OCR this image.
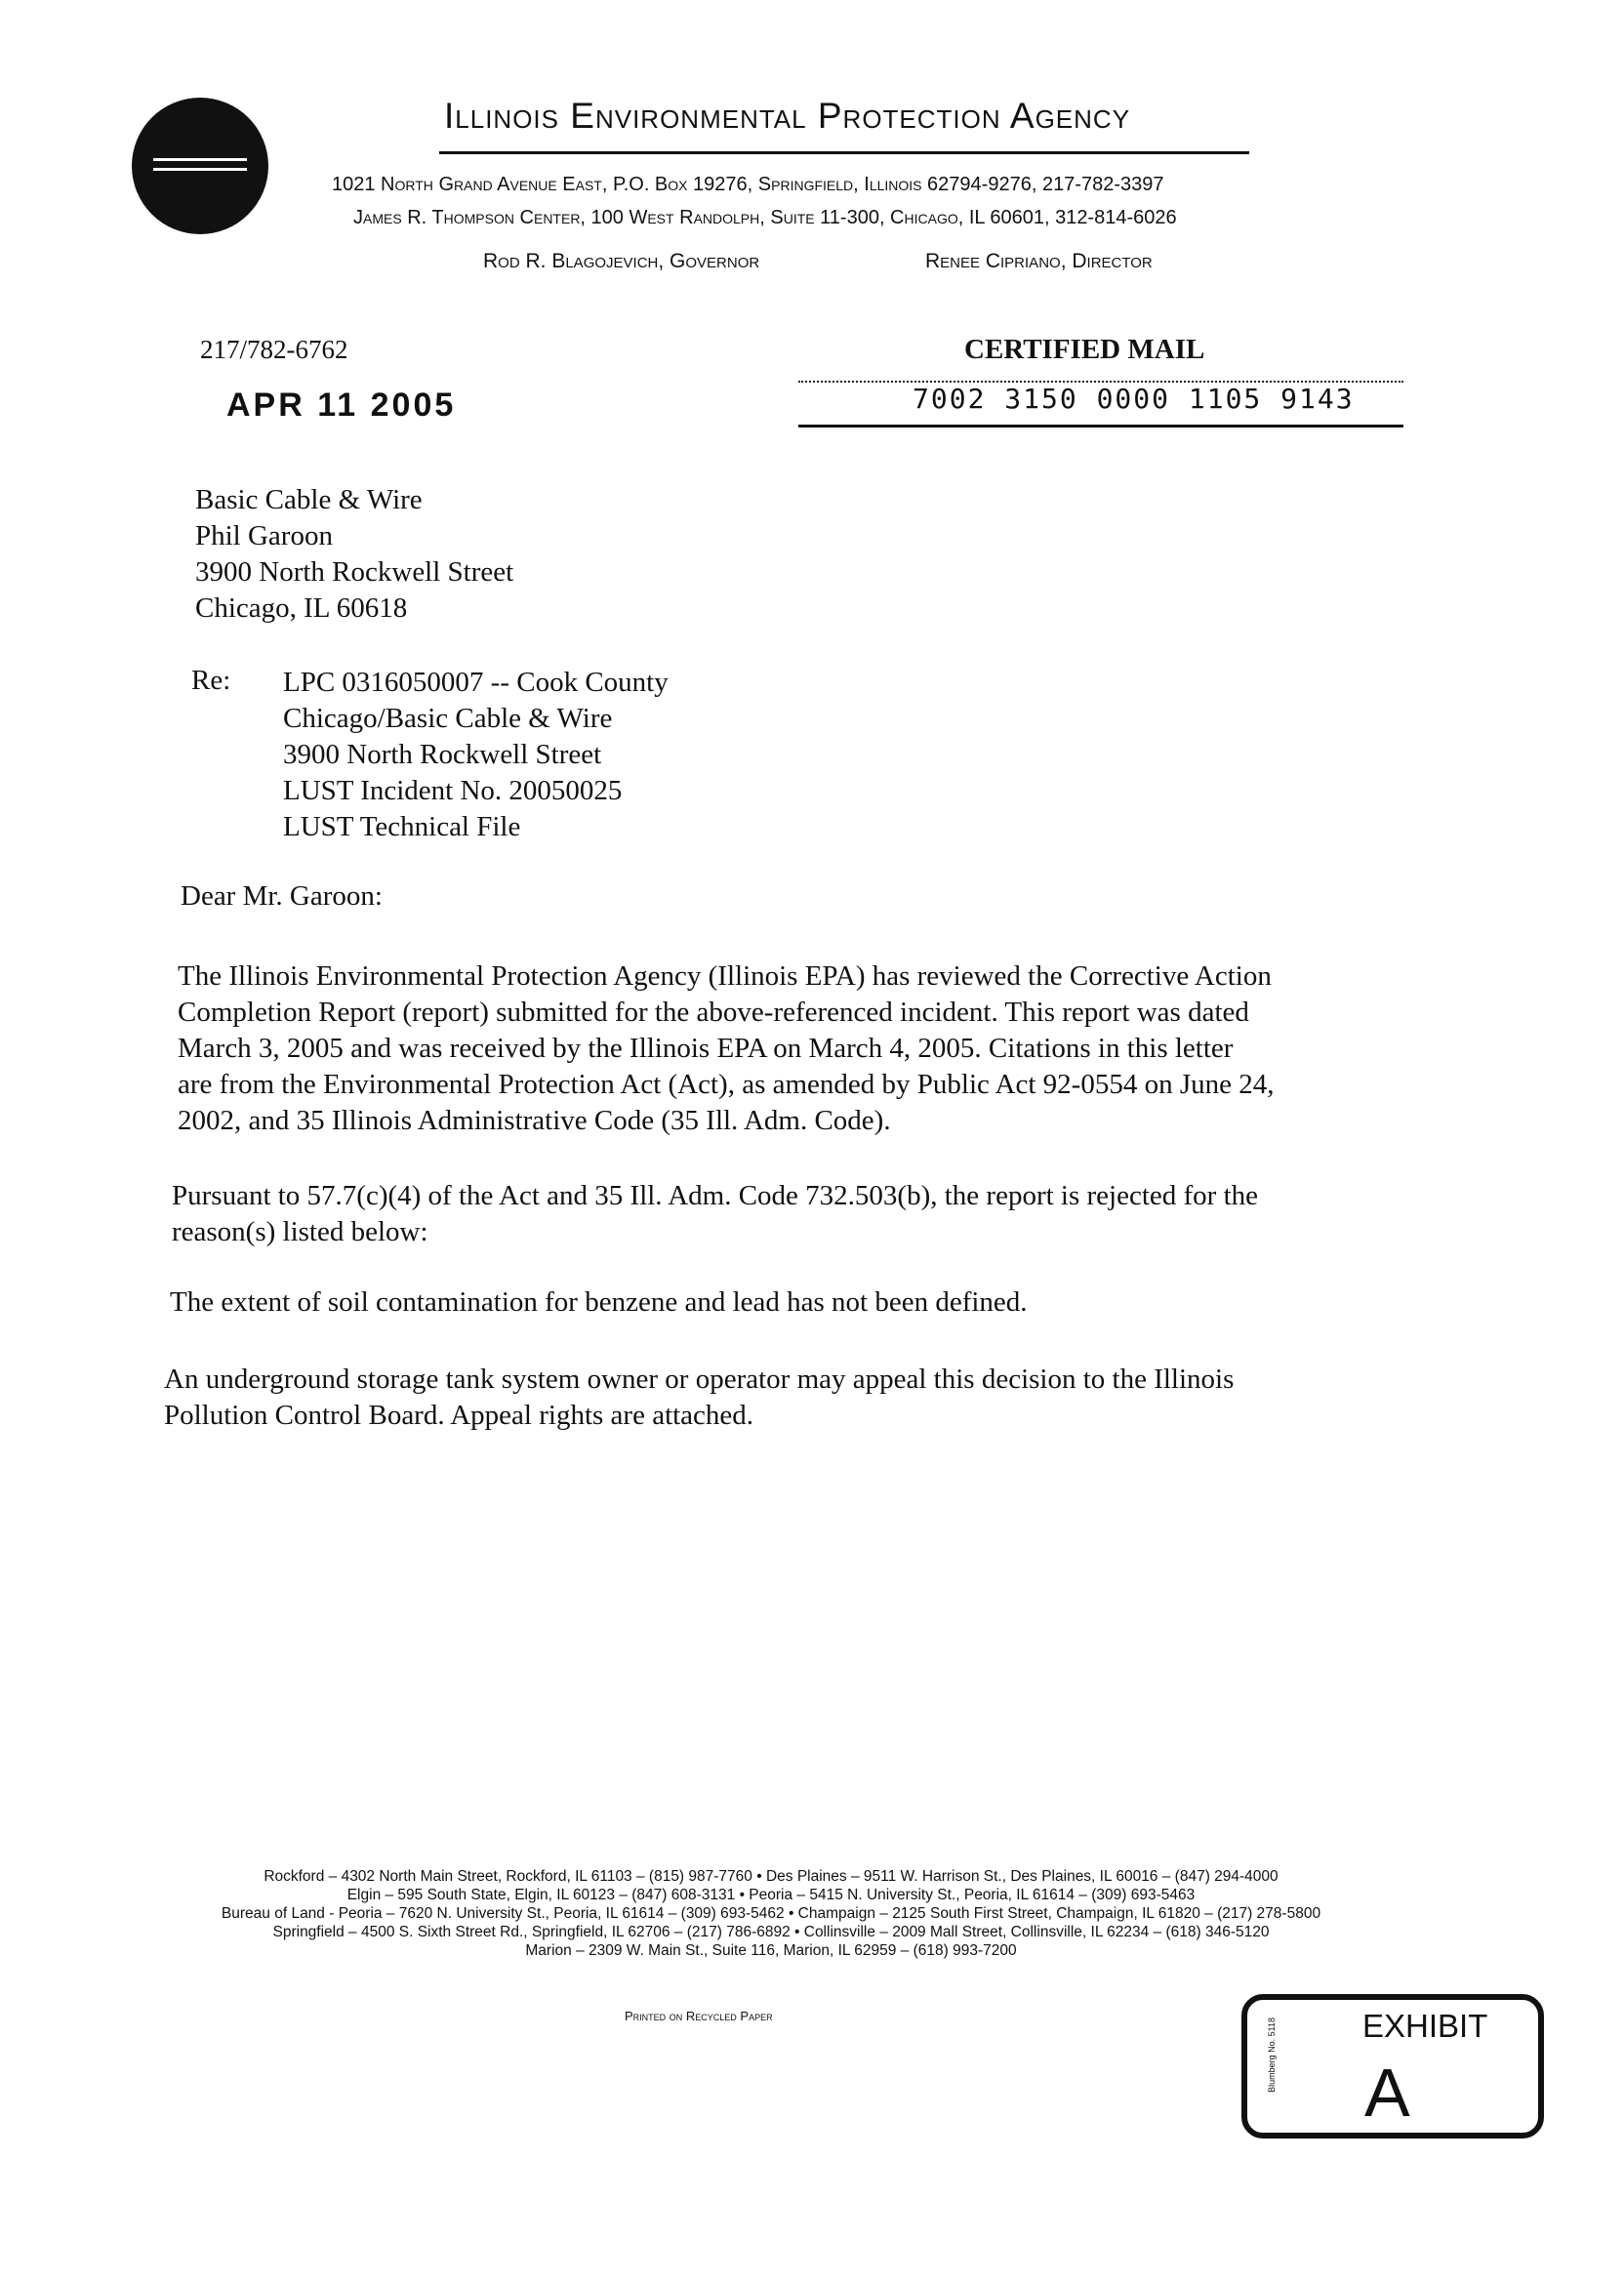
Illinois Environmental Protection Agency
1021 North Grand Avenue East, P.O. Box 19276, Springfield, Illinois 62794-9276, 217-782-3397
James R. Thompson Center, 100 West Randolph, Suite 11-300, Chicago, IL 60601, 312-814-6026
Rod R. Blagojevich, Governor	Renee Cipriano, Director
217/782-6762
APR 11 2005
CERTIFIED MAIL
7002 3150 0000 1105 9143
Basic Cable & Wire
Phil Garoon
3900 North Rockwell Street
Chicago, IL 60618
Re: LPC 0316050007 -- Cook County
Chicago/Basic Cable & Wire
3900 North Rockwell Street
LUST Incident No. 20050025
LUST Technical File
Dear Mr. Garoon:
The Illinois Environmental Protection Agency (Illinois EPA) has reviewed the Corrective Action
Completion Report (report) submitted for the above-referenced incident. This report was dated
March 3, 2005 and was received by the Illinois EPA on March 4, 2005. Citations in this letter
are from the Environmental Protection Act (Act), as amended by Public Act 92-0554 on June 24,
2002, and 35 Illinois Administrative Code (35 Ill. Adm. Code).
Pursuant to 57.7(c)(4) of the Act and 35 Ill. Adm. Code 732.503(b), the report is rejected for the
reason(s) listed below:
The extent of soil contamination for benzene and lead has not been defined.
An underground storage tank system owner or operator may appeal this decision to the Illinois
Pollution Control Board. Appeal rights are attached.
Rockford – 4302 North Main Street, Rockford, IL 61103 – (815) 987-7760 • Des Plaines – 9511 W. Harrison St., Des Plaines, IL 60016 – (847) 294-4000
Elgin – 595 South State, Elgin, IL 60123 – (847) 608-3131 • Peoria – 5415 N. University St., Peoria, IL 61614 – (309) 693-5463
Bureau of Land - Peoria – 7620 N. University St., Peoria, IL 61614 – (309) 693-5462 • Champaign – 2125 South First Street, Champaign, IL 61820 – (217) 278-5800
Springfield – 4500 S. Sixth Street Rd., Springfield, IL 62706 – (217) 786-6892 • Collinsville – 2009 Mall Street, Collinsville, IL 62234 – (618) 346-5120
Marion – 2309 W. Main St., Suite 116, Marion, IL 62959 – (618) 993-7200
Printed on Recycled Paper
Blumberg No. 5118	EXHIBIT
A
